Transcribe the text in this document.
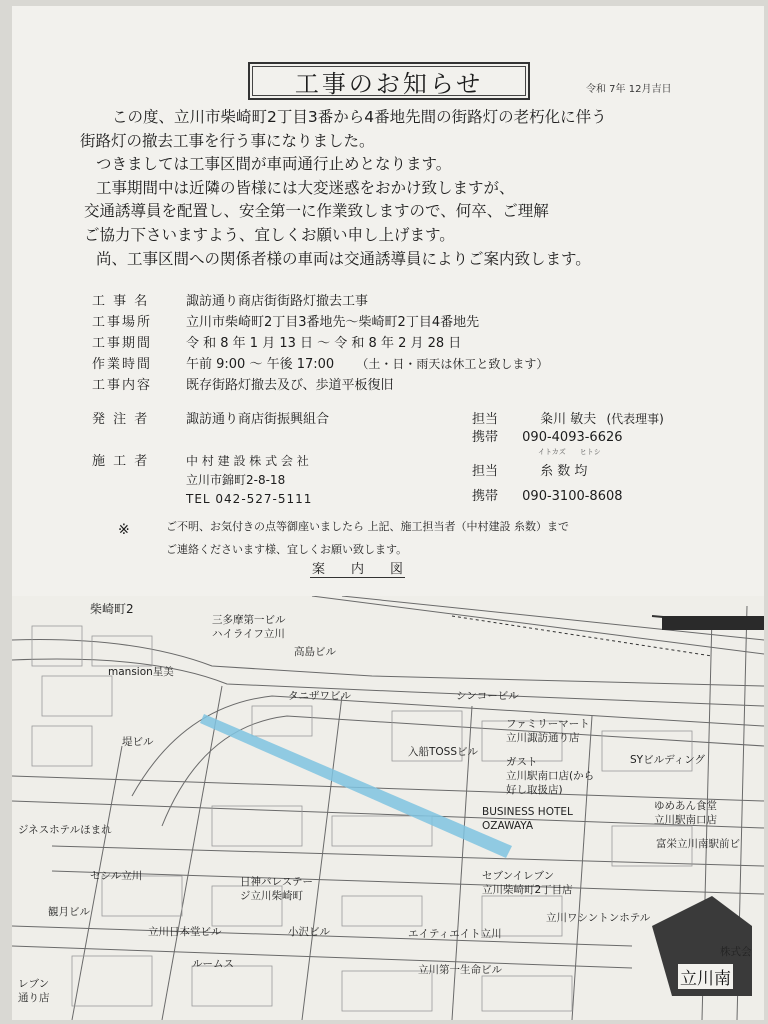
工事のお知らせ	令和 7年 12月吉日
この度、立川市柴崎町2丁目3番から4番地先間の街路灯の老朽化に伴う
街路灯の撤去工事を行う事になりました。
つきましては工事区間が車両通行止めとなります。
工事期間中は近隣の皆様には大変迷惑をおかけ致しますが、
交通誘導員を配置し、安全第一に作業致しますので、何卒、ご理解
ご協力下さいますよう、宜しくお願い申し上げます。
尚、工事区間への関係者様の車両は交通誘導員によりご案内致します。
工 事 名	諏訪通り商店街街路灯撤去工事
工事場所	立川市柴崎町2丁目3番地先～柴崎町2丁目4番地先
工事期間	令 和 8 年 1 月 13 日 ～ 令 和 8 年 2 月 28 日
作業時間	午前 9:00 ～ 午後 17:00 （土・日・雨天は休工と致します）
工事内容	既存街路灯撤去及び、歩道平板復旧
発 注 者	諏訪通り商店街振興組合	担当	粂川 敏夫 (代表理事)
携帯 090-4093-6626
施 工 者	中 村 建 設 株 式 会 社
立川市錦町2-8-18
TEL 042-527-5111
イトカズ　　ヒトシ
担当	糸 数 均
携帯 090-3100-8608
※	ご不明、お気付きの点等御座いましたら 上記、施工担当者（中村建設 糸数）まで
ご連絡くださいます様、宜しくお願い致します。
案　　内　　図
柴崎町2
三多摩第一ビル
ハイライフ立川
高島ビル
mansion星美
タニザワビル	シンコービル
堤ビル
ファミリーマート
立川諏訪通り店
入船TOSSビル
ガスト
立川駅南口店(から
好し取扱店)
SYビルディング
ゆめあん食堂
立川駅南口店
富栄立川南駅前ビ
ジネスホテルほまれ
BUSINESS HOTEL
OZAWAYA
セブンイレブン
立川柴崎町2丁目店
セシル立川	日神パレステー
ジ立川柴崎町
観月ビル
立川日本堂ビル	小沢ビル	エイティエイト立川
立川ワシントンホテル
ルームス	立川第一生命ビル
レブン
通り店
株式会
立川南
